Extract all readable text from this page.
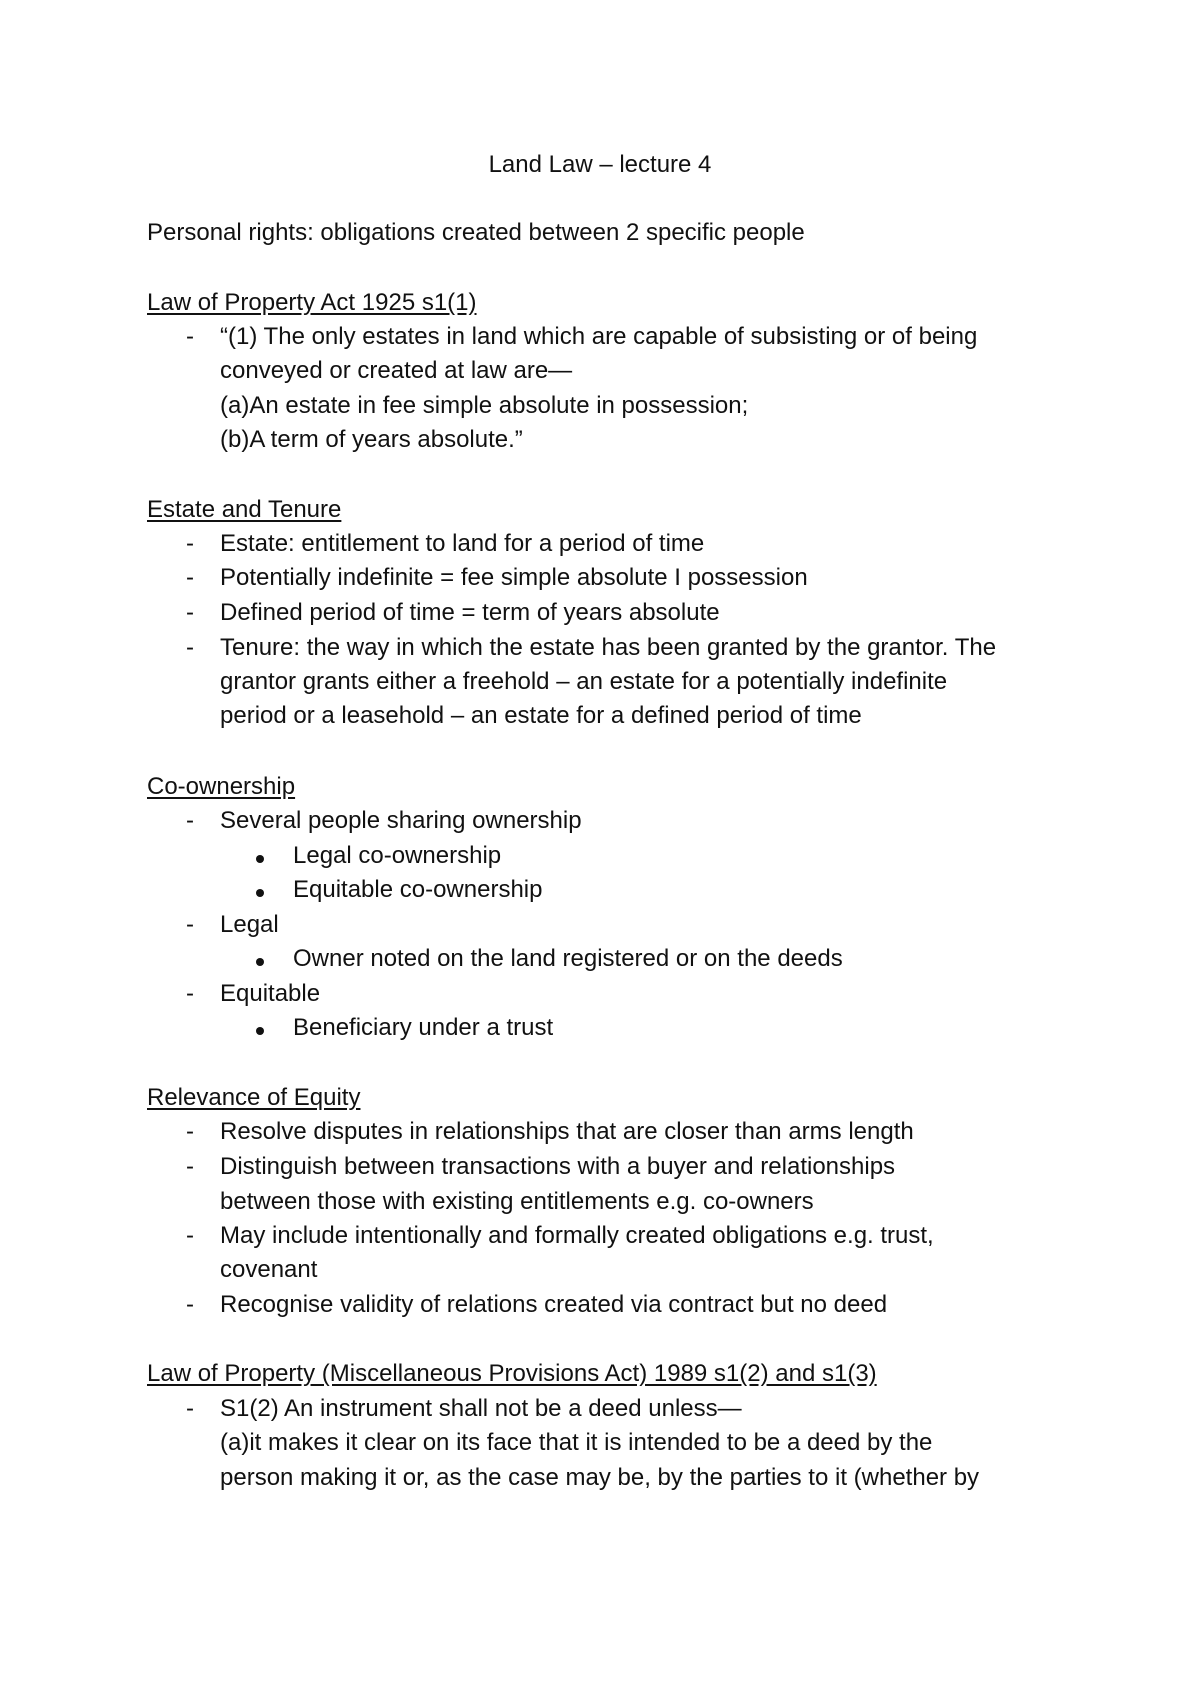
Land Law – lecture 4
Personal rights: obligations created between 2 specific people
Law of Property Act 1925 s1(1)
- “(1) The only estates in land which are capable of subsisting or of being
conveyed or created at law are—
(a)An estate in fee simple absolute in possession;
(b)A term of years absolute.”
Estate and Tenure
- Estate: entitlement to land for a period of time
- Potentially indefinite = fee simple absolute I possession
- Defined period of time = term of years absolute
- Tenure: the way in which the estate has been granted by the grantor. The
grantor grants either a freehold – an estate for a potentially indefinite
period or a leasehold – an estate for a defined period of time
Co-ownership
- Several people sharing ownership
Legal co-ownership
Equitable co-ownership
- Legal
Owner noted on the land registered or on the deeds
- Equitable
Beneficiary under a trust
Relevance of Equity
- Resolve disputes in relationships that are closer than arms length
- Distinguish between transactions with a buyer and relationships
between those with existing entitlements e.g. co-owners
- May include intentionally and formally created obligations e.g. trust,
covenant
- Recognise validity of relations created via contract but no deed
Law of Property (Miscellaneous Provisions Act) 1989 s1(2) and s1(3)
- S1(2) An instrument shall not be a deed unless—
(a)it makes it clear on its face that it is intended to be a deed by the
person making it or, as the case may be, by the parties to it (whether by
